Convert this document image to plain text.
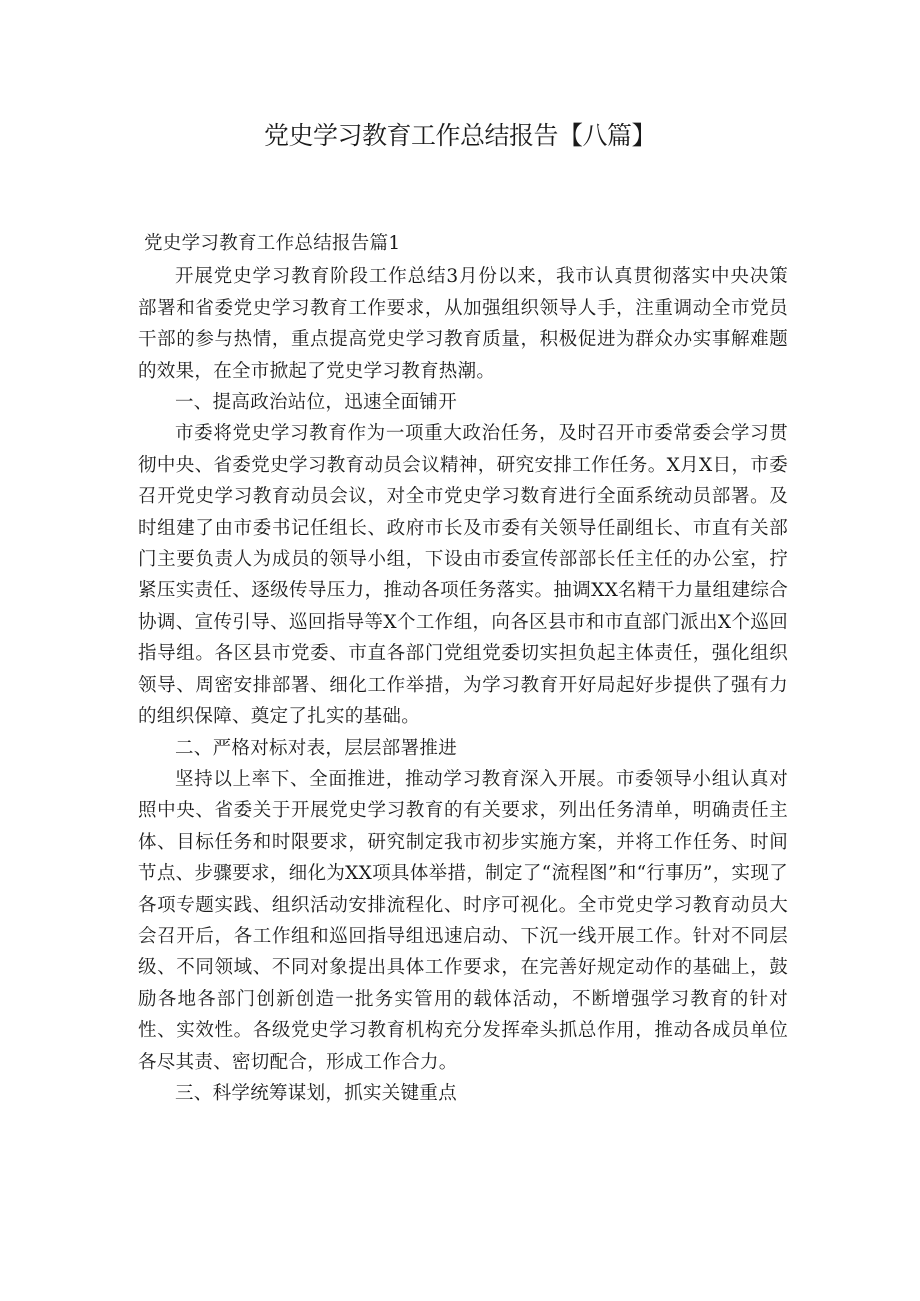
党史学习教育工作总结报告【八篇】

党史学习教育工作总结报告篇1

开展党史学习教育阶段工作总结3月份以来，我市认真贯彻落实中央决策部署和省委党史学习教育工作要求，从加强组织领导人手，注重调动全市党员干部的参与热情，重点提高党史学习教育质量，积极促进为群众办实事解难题的效果，在全市掀起了党史学习教育热潮。

一、提高政治站位，迅速全面铺开

市委将党史学习教育作为一项重大政治任务，及时召开市委常委会学习贯彻中央、省委党史学习教育动员会议精神，研究安排工作任务。X月X日，市委召开党史学习教育动员会议，对全市党史学习数育进行全面系统动员部署。及时组建了由市委书记任组长、政府市长及市委有关领导任副组长、市直有关部门主要负责人为成员的领导小组，下设由市委宣传部部长任主任的办公室，拧紧压实责任、逐级传导压力，推动各项任务落实。抽调XX名精干力量组建综合协调、宣传引导、巡回指导等X个工作组，向各区县市和市直部门派出X个巡回指导组。各区县市党委、市直各部门党组党委切实担负起主体责任，强化组织领导、周密安排部署、细化工作举措，为学习教育开好局起好步提供了强有力的组织保障、奠定了扎实的基础。

二、严格对标对表，层层部署推进

坚持以上率下、全面推进，推动学习教育深入开展。市委领导小组认真对照中央、省委关于开展党史学习教育的有关要求，列出任务清单，明确责任主体、目标任务和时限要求，研究制定我市初步实施方案，并将工作任务、时间节点、步骤要求，细化为XX项具体举措，制定了“流程图”和“行事历”，实现了各项专题实践、组织活动安排流程化、时序可视化。全市党史学习教育动员大会召开后，各工作组和巡回指导组迅速启动、下沉一线开展工作。针对不同层级、不同领域、不同对象提出具体工作要求，在完善好规定动作的基础上，鼓励各地各部门创新创造一批务实管用的载体活动，不断增强学习教育的针对性、实效性。各级党史学习教育机构充分发挥牵头抓总作用，推动各成员单位各尽其责、密切配合，形成工作合力。

三、科学统筹谋划，抓实关键重点
